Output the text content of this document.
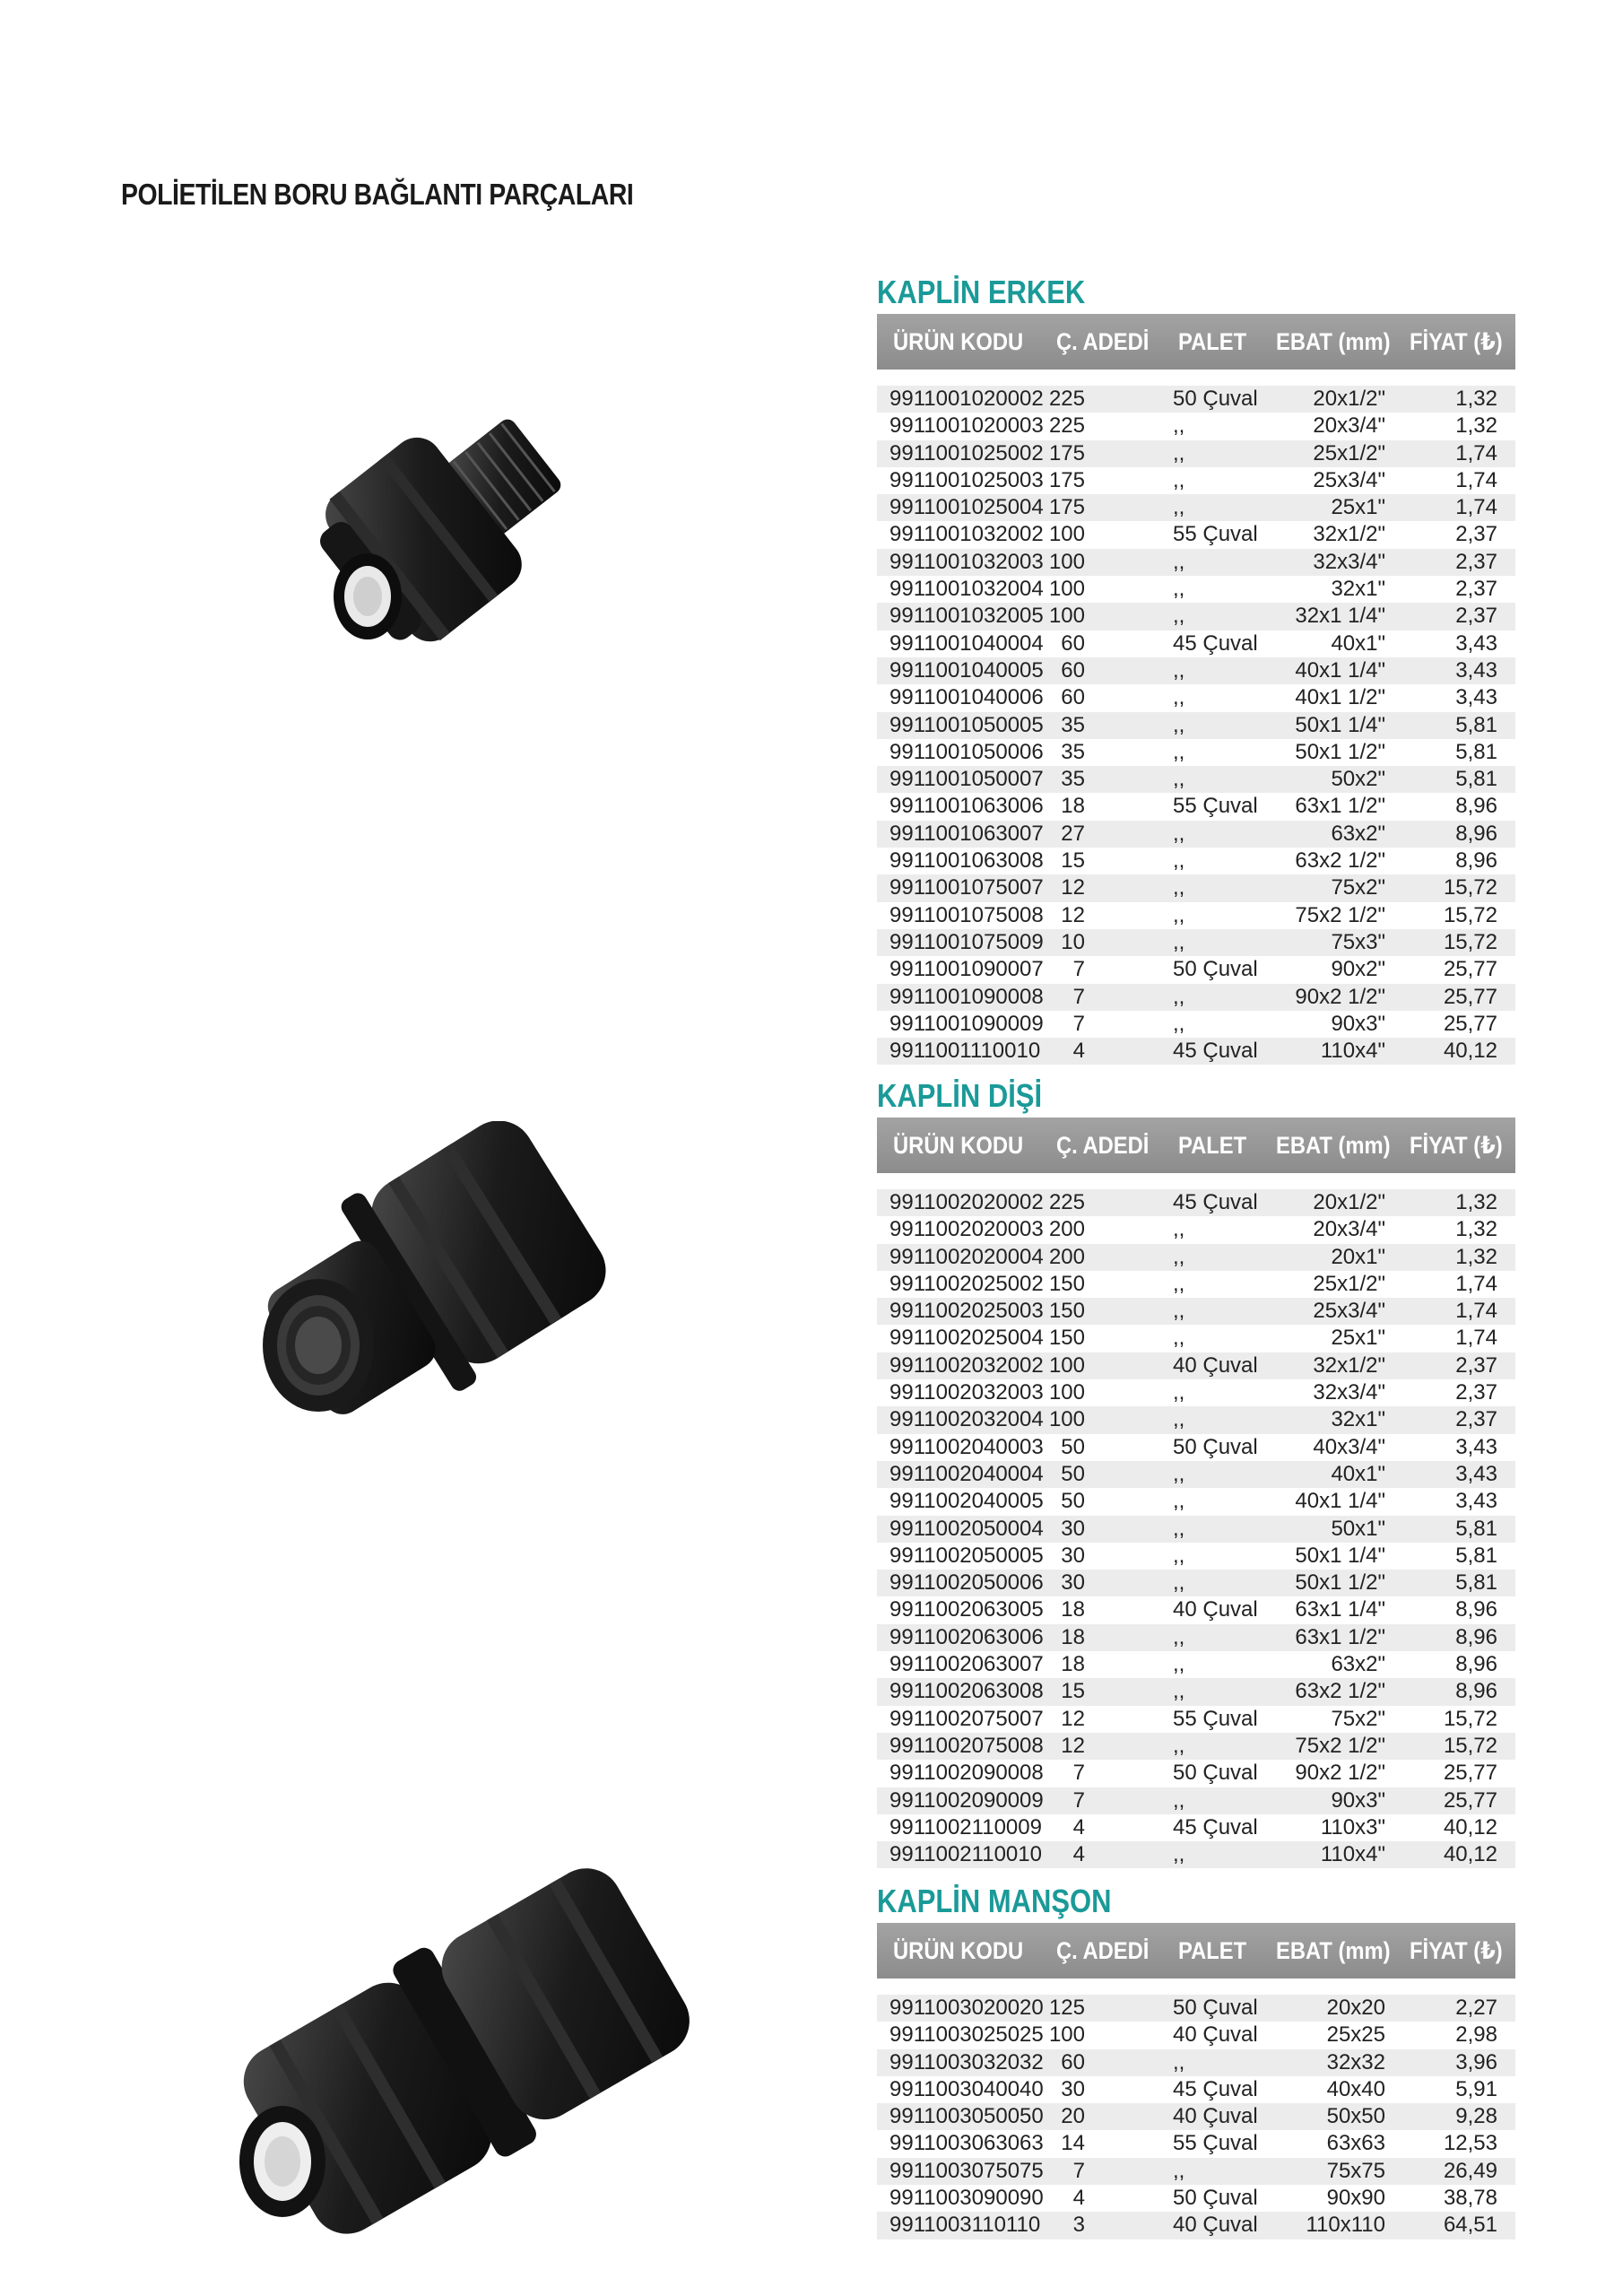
POLİETİLEN BORU BAĞLANTI PARÇALARI
KAPLİN ERKEK
ÜRÜN KODU Ç. ADEDİ PALET EBAT (mm) FİYAT (₺)
9911001020002 225	50 Çuval	20x1/2"	1,32
9911001020003 225	,,	20x3/4"	1,32
9911001025002 175	,,	25x1/2"	1,74
9911001025003 175	,,	25x3/4"	1,74
9911001025004 175	,,	25x1"	1,74
9911001032002 100	55 Çuval	32x1/2"	2,37
9911001032003 100	,,	32x3/4"	2,37
9911001032004 100	,,	32x1"	2,37
9911001032005 100	,,	32x1 1/4"	2,37
9911001040004 60	45 Çuval	40x1"	3,43
9911001040005 60	,,	40x1 1/4"	3,43
9911001040006 60	,,	40x1 1/2"	3,43
9911001050005 35	,,	50x1 1/4"	5,81
9911001050006 35	,,	50x1 1/2"	5,81
9911001050007 35	,,	50x2"	5,81
9911001063006 18	55 Çuval 63x1 1/2"	8,96
9911001063007 27	,,	63x2"	8,96
9911001063008 15	,,	63x2 1/2"	8,96
9911001075007 12	,,	75x2"	15,72
9911001075008 12	,,	75x2 1/2"	15,72
9911001075009 10	,,	75x3"	15,72
9911001090007 7	50 Çuval	90x2"	25,77
9911001090008 7	,,	90x2 1/2"	25,77
9911001090009 7	,,	90x3"	25,77
9911001110010 4	45 Çuval	110x4"	40,12
KAPLİN DİŞİ
ÜRÜN KODU Ç. ADEDİ PALET EBAT (mm) FİYAT (₺)
9911002020002 225	45 Çuval	20x1/2"	1,32
9911002020003 200	,,	20x3/4"	1,32
9911002020004 200	,,	20x1"	1,32
9911002025002 150	,,	25x1/2"	1,74
9911002025003 150	,,	25x3/4"	1,74
9911002025004 150	,,	25x1"	1,74
9911002032002 100	40 Çuval	32x1/2"	2,37
9911002032003 100	,,	32x3/4"	2,37
9911002032004 100	,,	32x1"	2,37
9911002040003 50	50 Çuval	40x3/4"	3,43
9911002040004 50	,,	40x1"	3,43
9911002040005 50	,,	40x1 1/4"	3,43
9911002050004 30	,,	50x1"	5,81
9911002050005 30	,,	50x1 1/4"	5,81
9911002050006 30	,,	50x1 1/2"	5,81
9911002063005 18	40 Çuval 63x1 1/4"	8,96
9911002063006 18	,,	63x1 1/2"	8,96
9911002063007 18	,,	63x2"	8,96
9911002063008 15	,,	63x2 1/2"	8,96
9911002075007 12	55 Çuval	75x2"	15,72
9911002075008 12	,,	75x2 1/2"	15,72
9911002090008 7	50 Çuval 90x2 1/2"	25,77
9911002090009 7	,,	90x3"	25,77
9911002110009 4	45 Çuval	110x3"	40,12
9911002110010 4	,,	110x4"	40,12
KAPLİN MANŞON
ÜRÜN KODU Ç. ADEDİ PALET EBAT (mm) FİYAT (₺)
9911003020020 125	50 Çuval	20x20	2,27
9911003025025 100	40 Çuval	25x25	2,98
9911003032032 60	,,	32x32	3,96
9911003040040 30	45 Çuval	40x40	5,91
9911003050050 20	40 Çuval	50x50	9,28
9911003063063 14	55 Çuval	63x63	12,53
9911003075075 7	,,	75x75	26,49
9911003090090 4	50 Çuval	90x90	38,78
9911003110110 3	40 Çuval 110x110	64,51
